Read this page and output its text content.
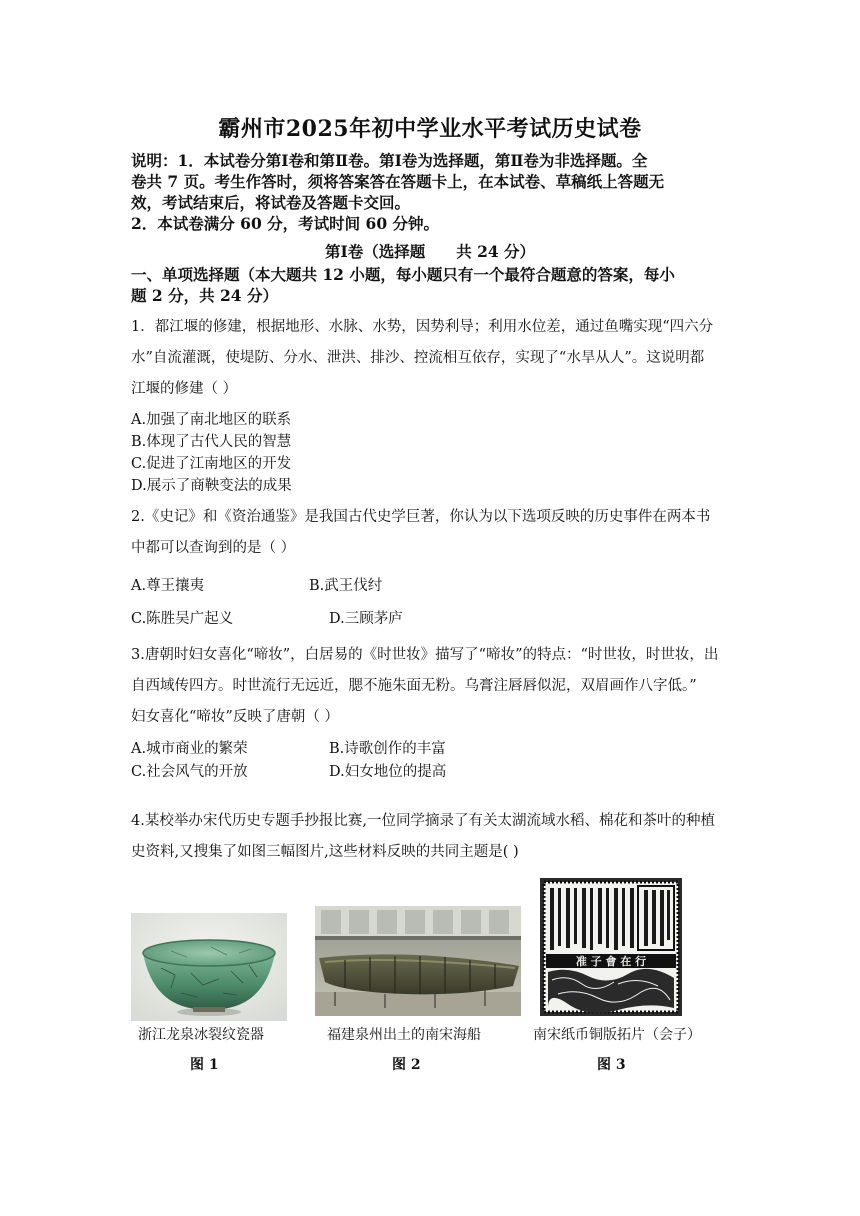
霸州市2025年初中学业水平考试历史试卷
说明：1．本试卷分第Ⅰ卷和第Ⅱ卷。第Ⅰ卷为选择题，第Ⅱ卷为非选择题。全
卷共 7 页。考生作答时，须将答案答在答题卡上，在本试卷、草稿纸上答题无
效，考试结束后，将试卷及答题卡交回。
2．本试卷满分 60 分，考试时间 60 分钟。
第Ⅰ卷（选择题　　共 24 分）
一、单项选择题（本大题共 12 小题，每小题只有一个最符合题意的答案，每小
题 2 分，共 24 分）
1．都江堰的修建，根据地形、水脉、水势，因势利导；利用水位差，通过鱼嘴实现“四六分
水”自流灌溉，使堤防、分水、泄洪、排沙、控流相互依存，实现了“水旱从人”。这说明都
江堰的修建（ ）
A.加强了南北地区的联系
B.体现了古代人民的智慧
C.促进了江南地区的开发
D.展示了商鞅变法的成果
2.《史记》和《资治通鉴》是我国古代史学巨著，你认为以下选项反映的历史事件在两本书
中都可以查询到的是（ ）
A.尊王攘夷	B.武王伐纣
C.陈胜吴广起义	D.三顾茅庐
3.唐朝时妇女喜化“啼妆”，白居易的《时世妆》描写了“啼妆”的特点：“时世妆，时世妆，出
自西域传四方。时世流行无远近，腮不施朱面无粉。乌膏注唇唇似泥，双眉画作八字低。”
妇女喜化“啼妆”反映了唐朝（ ）
A.城市商业的繁荣	B.诗歌创作的丰富
C.社会风气的开放	D.妇女地位的提高
4.某校举办宋代历史专题手抄报比赛,一位同学摘录了有关太湖流域水稻、棉花和茶叶的种植
史资料,又搜集了如图三幅图片,这些材料反映的共同主题是( )
准 子 會 在 行
浙江龙泉冰裂纹瓷器	福建泉州出土的南宋海船	南宋纸币铜版拓片（会子）
图 1	图 2	图 3
